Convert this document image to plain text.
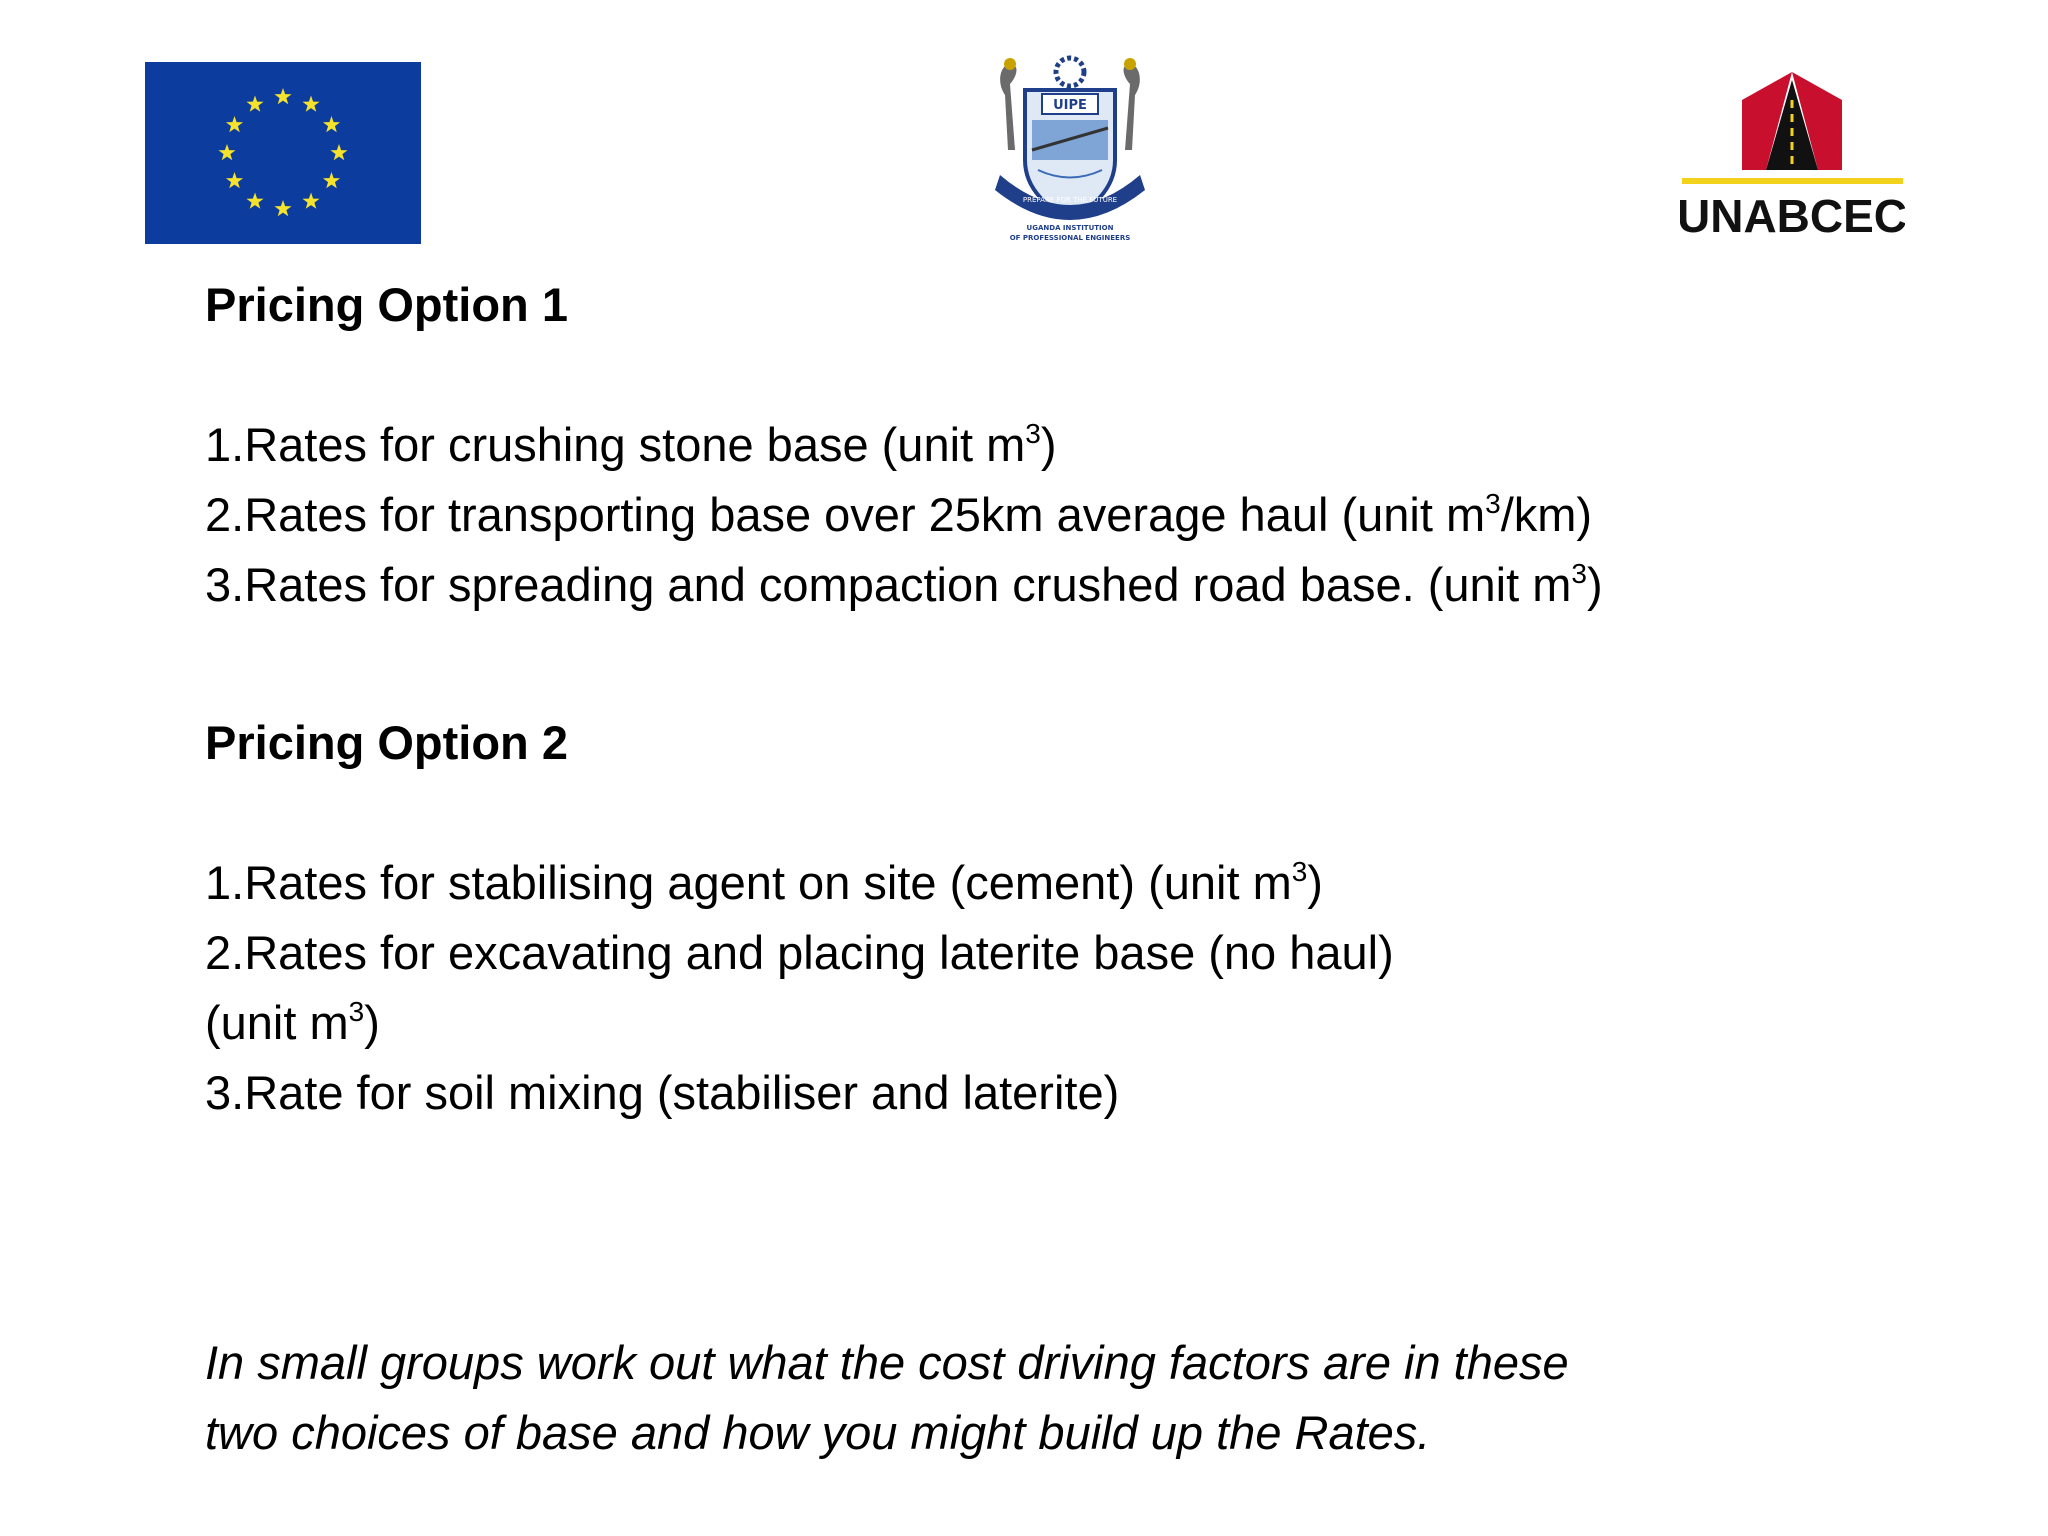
UIPE
PREPARE FOR THE FUTURE
UGANDA INSTITUTION
OF PROFESSIONAL ENGINEERS	UNABCEC

Pricing Option 1

1.Rates for crushing stone base (unit $m^3$)
2.Rates for transporting base over 25km average haul (unit $m^3/km$)
3.Rates for spreading and compaction crushed road base. (unit $m^3$)

Pricing Option 2

1.Rates for stabilising agent on site (cement) (unit $m^3$)
2.Rates for excavating and placing laterite base (no haul)
(unit $m^3$)
3.Rate for soil mixing (stabiliser and laterite)

In small groups work out what the cost driving factors are in these
two choices of base and how you might build up the Rates.
